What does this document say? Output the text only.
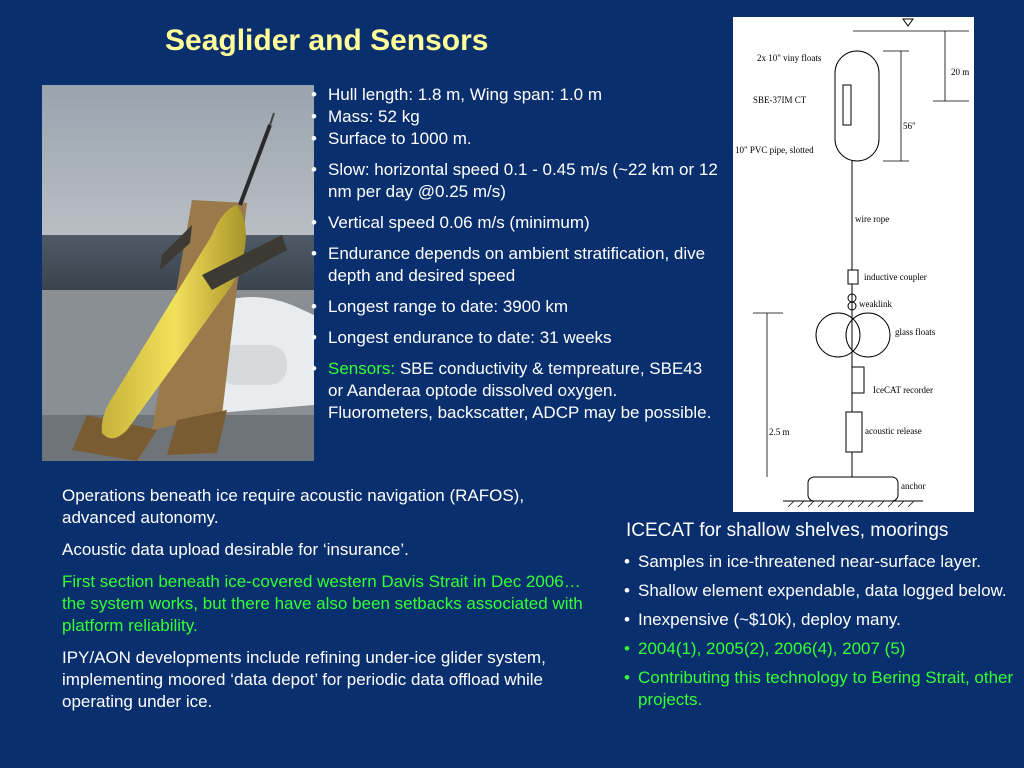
Seaglider and Sensors
• Hull length: 1.8 m, Wing span: 1.0 m
• Mass: 52 kg
• Surface to 1000 m.
• Slow: horizontal speed 0.1 - 0.45 m/s (~22 km or 12 nm per day @0.25 m/s)
• Vertical speed 0.06 m/s (minimum)
• Endurance depends on ambient stratification, dive depth and desired speed
• Longest range to date: 3900 km
• Longest endurance to date: 31 weeks
• Sensors: SBE conductivity & tempreature, SBE43 or Aanderaa optode dissolved oxygen. Fluorometers, backscatter, ADCP may be possible.

Operations beneath ice require acoustic navigation (RAFOS), advanced autonomy.

Acoustic data upload desirable for ‘insurance’.

First section beneath ice-covered western Davis Strait in Dec 2006… the system works, but there have also been setbacks associated with platform reliability.

IPY/AON developments include refining under-ice glider system, implementing moored ‘data depot’ for periodic data offload while operating under ice.

20 m
56"
2x 10" viny floats
SBE-37IM CT
10" PVC pipe, slotted
wire rope
inductive coupler
weaklink
glass floats
IceCAT recorder
acoustic release
2.5 m
anchor
ICECAT for shallow shelves, moorings
• Samples in ice-threatened near-surface layer.
• Shallow element expendable, data logged below.
• Inexpensive (~$10k), deploy many.
• 2004(1), 2005(2), 2006(4), 2007 (5)
• Contributing this technology to Bering Strait, other projects.
